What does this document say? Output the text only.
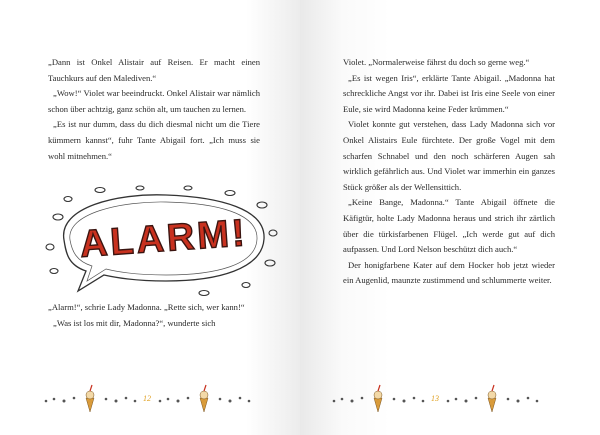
„Dann ist Onkel Alistair auf Reisen. Er macht einen Tauchkurs auf den Malediven.“

„Wow!“ Violet war beeindruckt. Onkel Alistair war nämlich schon über achtzig, ganz schön alt, um tauchen zu lernen.

„Es ist nur dumm, dass du dich diesmal nicht um die Tiere kümmern kannst“, fuhr Tante Abigail fort. „Ich muss sie wohl mitnehmen.“

ALARM!

„Alarm!“, schrie Lady Madonna. „Rette sich, wer kann!“

„Was ist los mit dir, Madonna?“, wunderte sich

12

Violet. „Normalerweise fährst du doch so gerne weg.“

„Es ist wegen Iris“, erklärte Tante Abigail. „Madonna hat schreckliche Angst vor ihr. Dabei ist Iris eine Seele von einer Eule, sie wird Madonna keine Feder krümmen.“

Violet konnte gut verstehen, dass Lady Madonna sich vor Onkel Alistairs Eule fürchtete. Der große Vogel mit dem scharfen Schnabel und den noch schärferen Augen sah wirklich gefährlich aus. Und Violet war immerhin ein ganzes Stück größer als der Wellensittich.

„Keine Bange, Madonna.“ Tante Abigail öffnete die Käfigtür, holte Lady Madonna heraus und strich ihr zärtlich über die türkisfarbenen Flügel. „Ich werde gut auf dich aufpassen. Und Lord Nelson beschützt dich auch.“

Der honigfarbene Kater auf dem Hocker hob jetzt wieder ein Augenlid, maunzte zustimmend und schlummerte weiter.

13
